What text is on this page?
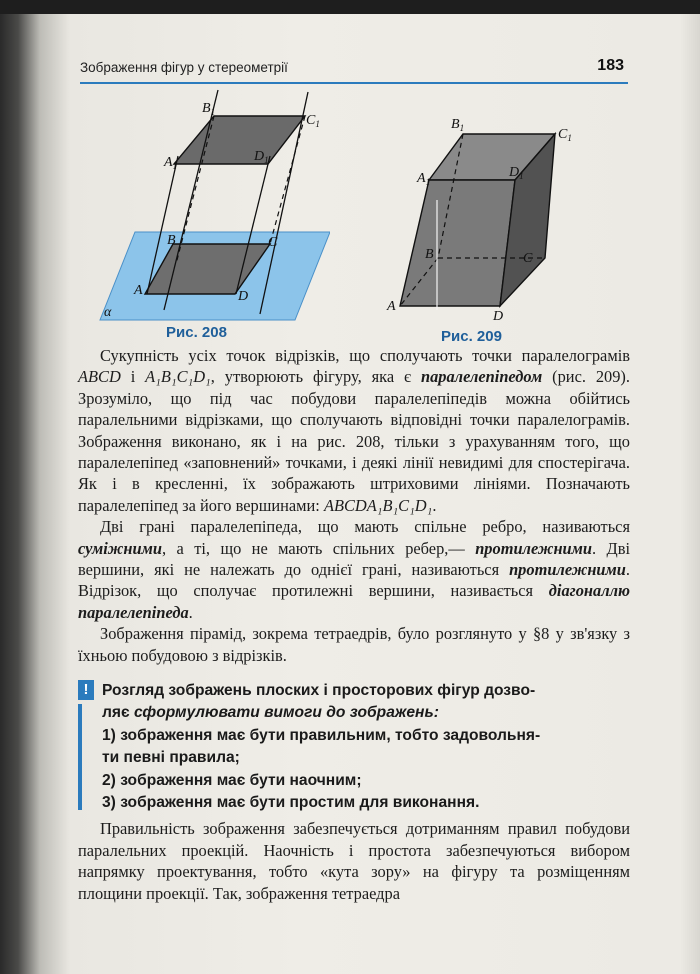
Зображення фігур у стереометрії	183
$B_1$
$C_1$
$A_1$
$D_1$
B	C
A	D
α
Рис. 208
$B_1$	$C_1$
$A_1$
$D_1$
B	C
A
D
Рис. 209

Сукупність усіх точок відрізків, що сполучають точки паралелограмів ABCD і A₁B₁C₁D₁, утворюють фігуру, яка є паралелепіпедом (рис. 209). Зрозуміло, що під час побудови паралелепіпедів можна обійтись паралельними відрізками, що сполучають відповідні точки паралелограмів. Зображення виконано, як і на рис. 208, тільки з урахуванням того, що паралелепіпед «заповнений» точками, і деякі лінії невидимі для спостерігача. Як і в кресленні, їх зображають штриховими лініями. Позначають паралелепіпед за його вершинами: ABCDA₁B₁C₁D₁.

Дві грані паралелепіпеда, що мають спільне ребро, називаються суміжними, а ті, що не мають спільних ребер,— протилежними. Дві вершини, які не належать до однієї грані, називаються протилежними. Відрізок, що сполучає протилежні вершини, називається діагоналлю паралелепіпеда.

Зображення пірамід, зокрема тетраедрів, було розглянуто у §8 у зв'язку з їхньою побудовою з відрізків.

! Розгляд зображень плоских і просторових фігур дозво-
ляє сформулювати вимоги до зображень:
1) зображення має бути правильним, тобто задовольня-
ти певні правила;
2) зображення має бути наочним;
3) зображення має бути простим для виконання.

Правильність зображення забезпечується дотриманням правил побудови паралельних проекцій. Наочність і простота забезпечуються вибором напрямку проектування, тобто «кута зору» на фігуру та розміщенням площини проекції. Так, зображення тетраедра
